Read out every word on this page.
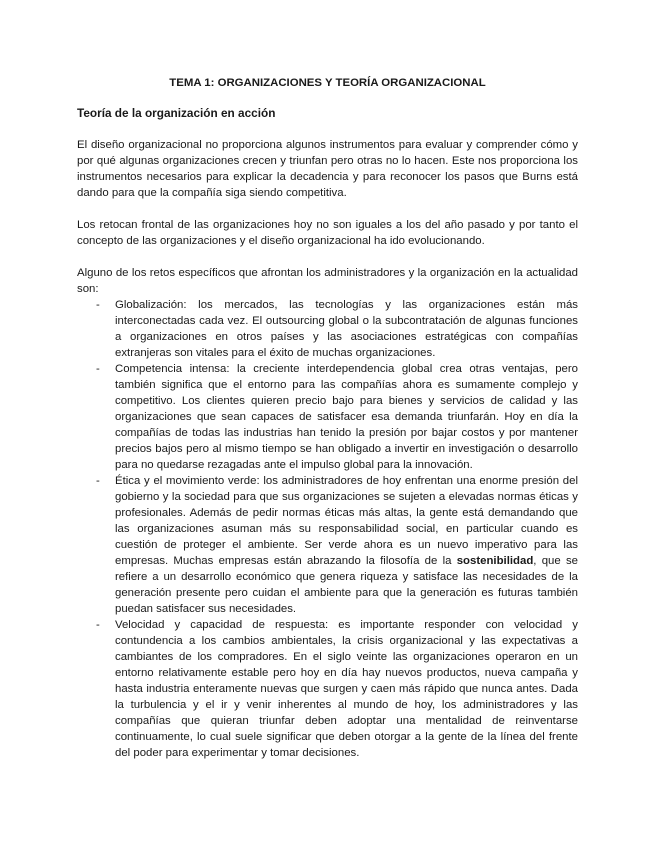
TEMA 1: ORGANIZACIONES Y TEORÍA ORGANIZACIONAL
Teoría de la organización en acción

El diseño organizacional no proporciona algunos instrumentos para evaluar y comprender cómo y por qué algunas organizaciones crecen y triunfan pero otras no lo hacen. Este nos proporciona los instrumentos necesarios para explicar la decadencia y para reconocer los pasos que Burns está dando para que la compañía siga siendo competitiva.

Los retocan frontal de las organizaciones hoy no son iguales a los del año pasado y por tanto el concepto de las organizaciones y el diseño organizacional ha ido evolucionando.

Alguno de los retos específicos que afrontan los administradores y la organización en la actualidad son:

- Globalización: los mercados, las tecnologías y las organizaciones están más interconectadas cada vez. El outsourcing global o la subcontratación de algunas funciones a organizaciones en otros países y las asociaciones estratégicas con compañías extranjeras son vitales para el éxito de muchas organizaciones.
- Competencia intensa: la creciente interdependencia global crea otras ventajas, pero también significa que el entorno para las compañías ahora es sumamente complejo y competitivo. Los clientes quieren precio bajo para bienes y servicios de calidad y las organizaciones que sean capaces de satisfacer esa demanda triunfarán. Hoy en día la compañías de todas las industrias han tenido la presión por bajar costos y por mantener precios bajos pero al mismo tiempo se han obligado a invertir en investigación o desarrollo para no quedarse rezagadas ante el impulso global para la innovación.
- Ética y el movimiento verde: los administradores de hoy enfrentan una enorme presión del gobierno y la sociedad para que sus organizaciones se sujeten a elevadas normas éticas y profesionales. Además de pedir normas éticas más altas, la gente está demandando que las organizaciones asuman más su responsabilidad social, en particular cuando es cuestión de proteger el ambiente. Ser verde ahora es un nuevo imperativo para las empresas. Muchas empresas están abrazando la filosofía de la sostenibilidad, que se refiere a un desarrollo económico que genera riqueza y satisface las necesidades de la generación presente pero cuidan el ambiente para que la generación es futuras también puedan satisfacer sus necesidades.
- Velocidad y capacidad de respuesta: es importante responder con velocidad y contundencia a los cambios ambientales, la crisis organizacional y las expectativas a cambiantes de los compradores. En el siglo veinte las organizaciones operaron en un entorno relativamente estable pero hoy en día hay nuevos productos, nueva campaña y hasta industria enteramente nuevas que surgen y caen más rápido que nunca antes. Dada la turbulencia y el ir y venir inherentes al mundo de hoy, los administradores y las compañías que quieran triunfar deben adoptar una mentalidad de reinventarse continuamente, lo cual suele significar que deben otorgar a la gente de la línea del frente del poder para experimentar y tomar decisiones.
